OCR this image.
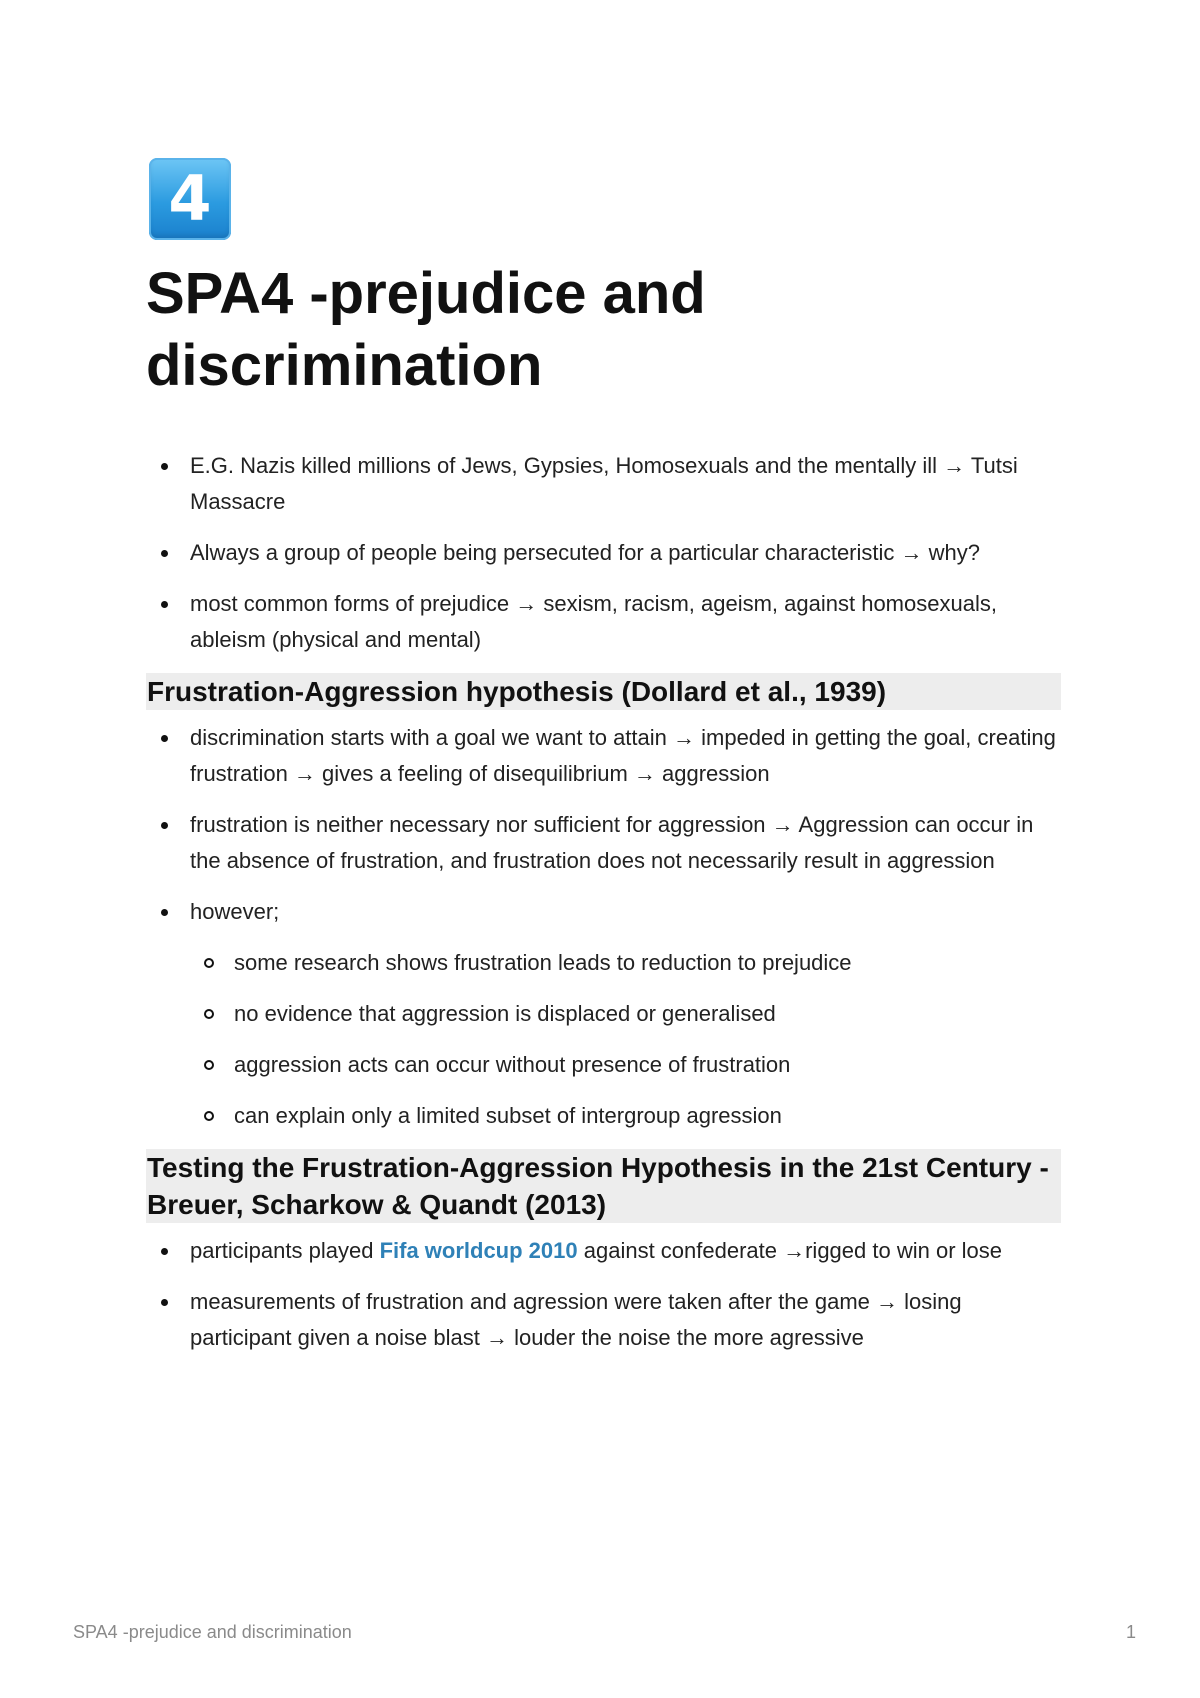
4
SPA4 -prejudice and discrimination
E.G. Nazis killed millions of Jews, Gypsies, Homosexuals and the mentally ill → Tutsi Massacre
Always a group of people being persecuted for a particular characteristic → why?
most common forms of prejudice → sexism, racism, ageism, against homosexuals, ableism (physical and mental)
Frustration-Aggression hypothesis (Dollard et al., 1939)
discrimination starts with a goal we want to attain → impeded in getting the goal, creating frustration → gives a feeling of disequilibrium → aggression
frustration is neither necessary nor sufficient for aggression → Aggression can occur in the absence of frustration, and frustration does not necessarily result in aggression
however;
some research shows frustration leads to reduction to prejudice
no evidence that aggression is displaced or generalised
aggression acts can occur without presence of frustration
can explain only a limited subset of intergroup agression
Testing the Frustration-Aggression Hypothesis in the 21st Century - Breuer, Scharkow & Quandt (2013)
participants played Fifa worldcup 2010 against confederate →rigged to win or lose
measurements of frustration and agression were taken after the game → losing participant given a noise blast → louder the noise the more agressive
SPA4 -prejudice and discrimination	1
